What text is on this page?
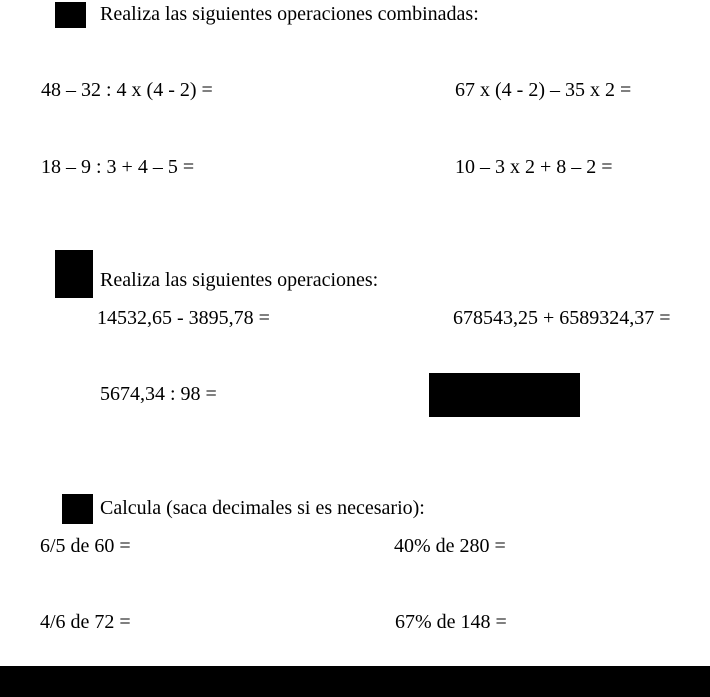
Realiza las siguientes operaciones combinadas:
48 – 32 : 4 x (4 - 2) =	67 x (4 - 2) – 35 x 2 =
18 – 9 : 3 + 4 – 5 =	10 – 3 x 2 + 8 – 2 =
Realiza las siguientes operaciones:
14532,65 - 3895,78 =	678543,25 + 6589324,37 =
5674,34 : 98 =
Calcula (saca decimales si es necesario):
6/5 de 60 =	40% de 280 =
4/6 de 72 =	67% de 148 =
